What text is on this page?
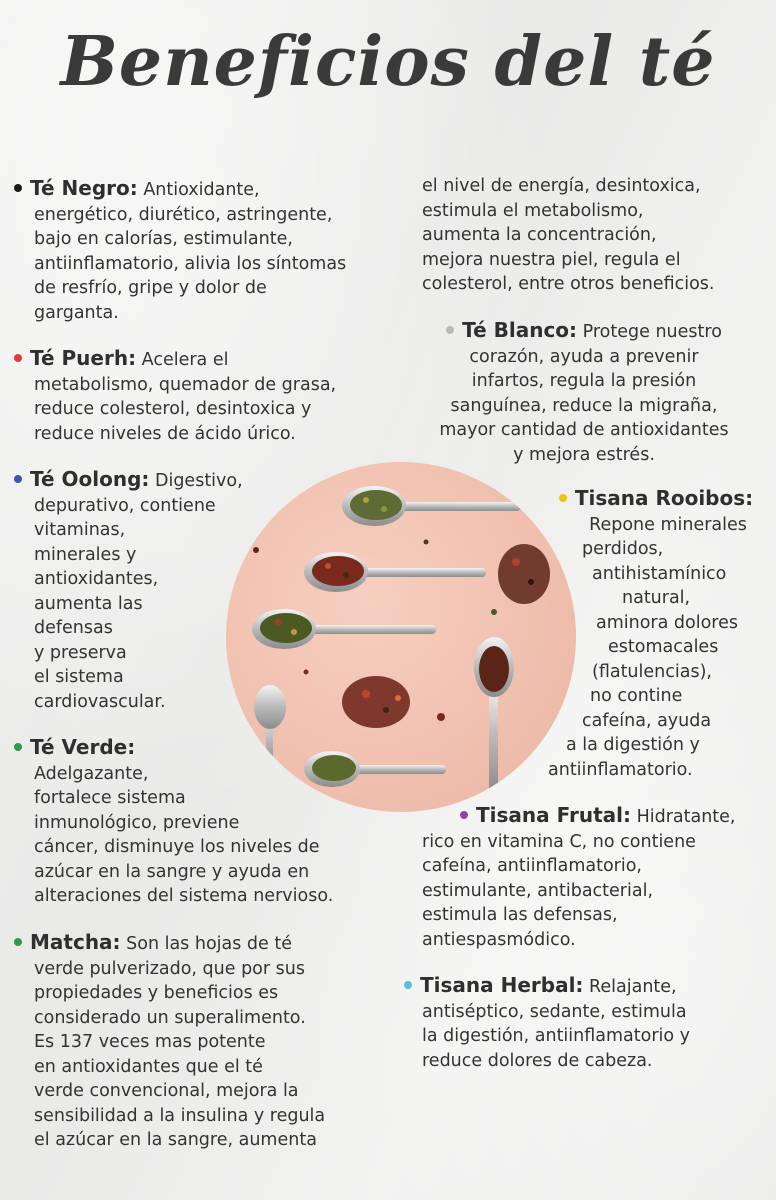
Beneficios del té
Té Negro: Antioxidante,
energético, diurético, astringente,
bajo en calorías, estimulante,
antiinflamatorio, alivia los síntomas
de resfrío, gripe y dolor de
garganta.
Té Puerh: Acelera el
metabolismo, quemador de grasa,
reduce colesterol, desintoxica y
reduce niveles de ácido úrico.
Té Oolong: Digestivo,
depurativo, contiene
vitaminas,
minerales y
antioxidantes,
aumenta las
defensas
y preserva
el sistema
cardiovascular.
Té Verde:
Adelgazante,
fortalece sistema
inmunológico, previene
cáncer, disminuye los niveles de
azúcar en la sangre y ayuda en
alteraciones del sistema nervioso.
Matcha: Son las hojas de té
verde pulverizado, que por sus
propiedades y beneficios es
considerado un superalimento.
Es 137 veces mas potente
en antioxidantes que el té
verde convencional, mejora la
sensibilidad a la insulina y regula
el azúcar en la sangre, aumenta
el nivel de energía, desintoxica,
estimula el metabolismo,
aumenta la concentración,
mejora nuestra piel, regula el
colesterol, entre otros beneficios.
Té Blanco: Protege nuestro
corazón, ayuda a prevenir
infartos, regula la presión
sanguínea, reduce la migraña,
mayor cantidad de antioxidantes
y mejora estrés.
Tisana Rooibos:
Repone minerales
perdidos,
antihistamínico
natural,
aminora dolores
estomacales
(flatulencias),
no contine
cafeína, ayuda
a la digestión y
antiinflamatorio.
Tisana Frutal: Hidratante,
rico en vitamina C, no contiene
cafeína, antiinflamatorio,
estimulante, antibacterial,
estimula las defensas,
antiespasmódico.
Tisana Herbal: Relajante,
antiséptico, sedante, estimula
la digestión, antiinflamatorio y
reduce dolores de cabeza.
